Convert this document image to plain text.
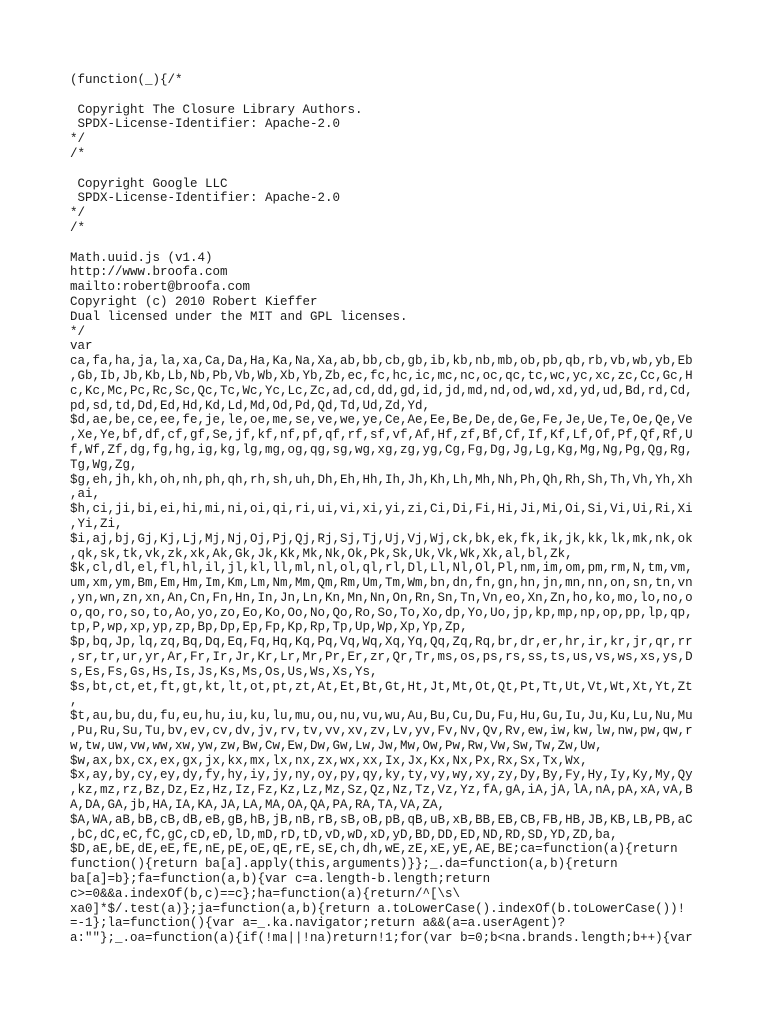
(function(_){/*
Copyright The Closure Library Authors.
SPDX-License-Identifier: Apache-2.0
*/
/*
Copyright Google LLC
SPDX-License-Identifier: Apache-2.0
*/
/*
Math.uuid.js (v1.4)
http://www.broofa.com
mailto:robert@broofa.com
Copyright (c) 2010 Robert Kieffer
Dual licensed under the MIT and GPL licenses.
*/
var
ca,fa,ha,ja,la,xa,Ca,Da,Ha,Ka,Na,Xa,ab,bb,cb,gb,ib,kb,nb,mb,ob,pb,qb,rb,vb,wb,yb,Eb
,Gb,Ib,Jb,Kb,Lb,Nb,Pb,Vb,Wb,Xb,Yb,Zb,ec,fc,hc,ic,mc,nc,oc,qc,tc,wc,yc,xc,zc,Cc,Gc,H
c,Kc,Mc,Pc,Rc,Sc,Qc,Tc,Wc,Yc,Lc,Zc,ad,cd,dd,gd,id,jd,md,nd,od,wd,xd,yd,ud,Bd,rd,Cd,
pd,sd,td,Dd,Ed,Hd,Kd,Ld,Md,Od,Pd,Qd,Td,Ud,Zd,Yd,
$d,ae,be,ce,ee,fe,je,le,oe,me,se,ve,we,ye,Ce,Ae,Ee,Be,De,de,Ge,Fe,Je,Ue,Te,Oe,Qe,Ve
,Xe,Ye,bf,df,cf,gf,Se,jf,kf,nf,pf,qf,rf,sf,vf,Af,Hf,zf,Bf,Cf,If,Kf,Lf,Of,Pf,Qf,Rf,U
f,Wf,Zf,dg,fg,hg,ig,kg,lg,mg,og,qg,sg,wg,xg,zg,yg,Cg,Fg,Dg,Jg,Lg,Kg,Mg,Ng,Pg,Qg,Rg,
Tg,Wg,Zg,
$g,eh,jh,kh,oh,nh,ph,qh,rh,sh,uh,Dh,Eh,Hh,Ih,Jh,Kh,Lh,Mh,Nh,Ph,Qh,Rh,Sh,Th,Vh,Yh,Xh
,ai,
$h,ci,ji,bi,ei,hi,mi,ni,oi,qi,ri,ui,vi,xi,yi,zi,Ci,Di,Fi,Hi,Ji,Mi,Oi,Si,Vi,Ui,Ri,Xi
,Yi,Zi,
$i,aj,bj,Gj,Kj,Lj,Mj,Nj,Oj,Pj,Qj,Rj,Sj,Tj,Uj,Vj,Wj,ck,bk,ek,fk,ik,jk,kk,lk,mk,nk,ok
,qk,sk,tk,vk,zk,xk,Ak,Gk,Jk,Kk,Mk,Nk,Ok,Pk,Sk,Uk,Vk,Wk,Xk,al,bl,Zk,
$k,cl,dl,el,fl,hl,il,jl,kl,ll,ml,nl,ol,ql,rl,Dl,Ll,Nl,Ol,Pl,nm,im,om,pm,rm,N,tm,vm,
um,xm,ym,Bm,Em,Hm,Im,Km,Lm,Nm,Mm,Qm,Rm,Um,Tm,Wm,bn,dn,fn,gn,hn,jn,mn,nn,on,sn,tn,vn
,yn,wn,zn,xn,An,Cn,Fn,Hn,In,Jn,Ln,Kn,Mn,Nn,On,Rn,Sn,Tn,Vn,eo,Xn,Zn,ho,ko,mo,lo,no,o
o,qo,ro,so,to,Ao,yo,zo,Eo,Ko,Oo,No,Qo,Ro,So,To,Xo,dp,Yo,Uo,jp,kp,mp,np,op,pp,lp,qp,
tp,P,wp,xp,yp,zp,Bp,Dp,Ep,Fp,Kp,Rp,Tp,Up,Wp,Xp,Yp,Zp,
$p,bq,Jp,lq,zq,Bq,Dq,Eq,Fq,Hq,Kq,Pq,Vq,Wq,Xq,Yq,Qq,Zq,Rq,br,dr,er,hr,ir,kr,jr,qr,rr
,sr,tr,ur,yr,Ar,Fr,Ir,Jr,Kr,Lr,Mr,Pr,Er,zr,Qr,Tr,ms,os,ps,rs,ss,ts,us,vs,ws,xs,ys,D
s,Es,Fs,Gs,Hs,Is,Js,Ks,Ms,Os,Us,Ws,Xs,Ys,
$s,bt,ct,et,ft,gt,kt,lt,ot,pt,zt,At,Et,Bt,Gt,Ht,Jt,Mt,Ot,Qt,Pt,Tt,Ut,Vt,Wt,Xt,Yt,Zt
,
$t,au,bu,du,fu,eu,hu,iu,ku,lu,mu,ou,nu,vu,wu,Au,Bu,Cu,Du,Fu,Hu,Gu,Iu,Ju,Ku,Lu,Nu,Mu
,Pu,Ru,Su,Tu,bv,ev,cv,dv,jv,rv,tv,vv,xv,zv,Lv,yv,Fv,Nv,Qv,Rv,ew,iw,kw,lw,nw,pw,qw,r
w,tw,uw,vw,ww,xw,yw,zw,Bw,Cw,Ew,Dw,Gw,Lw,Jw,Mw,Ow,Pw,Rw,Vw,Sw,Tw,Zw,Uw,
$w,ax,bx,cx,ex,gx,jx,kx,mx,lx,nx,zx,wx,xx,Ix,Jx,Kx,Nx,Px,Rx,Sx,Tx,Wx,
$x,ay,by,cy,ey,dy,fy,hy,iy,jy,ny,oy,py,qy,ky,ty,vy,wy,xy,zy,Dy,By,Fy,Hy,Iy,Ky,My,Qy
,kz,mz,rz,Bz,Dz,Ez,Hz,Iz,Fz,Kz,Lz,Mz,Sz,Qz,Nz,Tz,Vz,Yz,fA,gA,iA,jA,lA,nA,pA,xA,vA,B
A,DA,GA,jb,HA,IA,KA,JA,LA,MA,OA,QA,PA,RA,TA,VA,ZA,
$A,WA,aB,bB,cB,dB,eB,gB,hB,jB,nB,rB,sB,oB,pB,qB,uB,xB,BB,EB,CB,FB,HB,JB,KB,LB,PB,aC
,bC,dC,eC,fC,gC,cD,eD,lD,mD,rD,tD,vD,wD,xD,yD,BD,DD,ED,ND,RD,SD,YD,ZD,ba,
$D,aE,bE,dE,eE,fE,nE,pE,oE,qE,rE,sE,ch,dh,wE,zE,xE,yE,AE,BE;ca=function(a){return
function(){return ba[a].apply(this,arguments)}};_.da=function(a,b){return
ba[a]=b};fa=function(a,b){var c=a.length-b.length;return
c>=0&&a.indexOf(b,c)==c};ha=function(a){return/^[\s\
xa0]*$/.test(a)};ja=function(a,b){return a.toLowerCase().indexOf(b.toLowerCase())!
=-1};la=function(){var a=_.ka.navigator;return a&&(a=a.userAgent)?
a:""};_.oa=function(a){if(!ma||!na)return!1;for(var b=0;b<na.brands.length;b++){var
